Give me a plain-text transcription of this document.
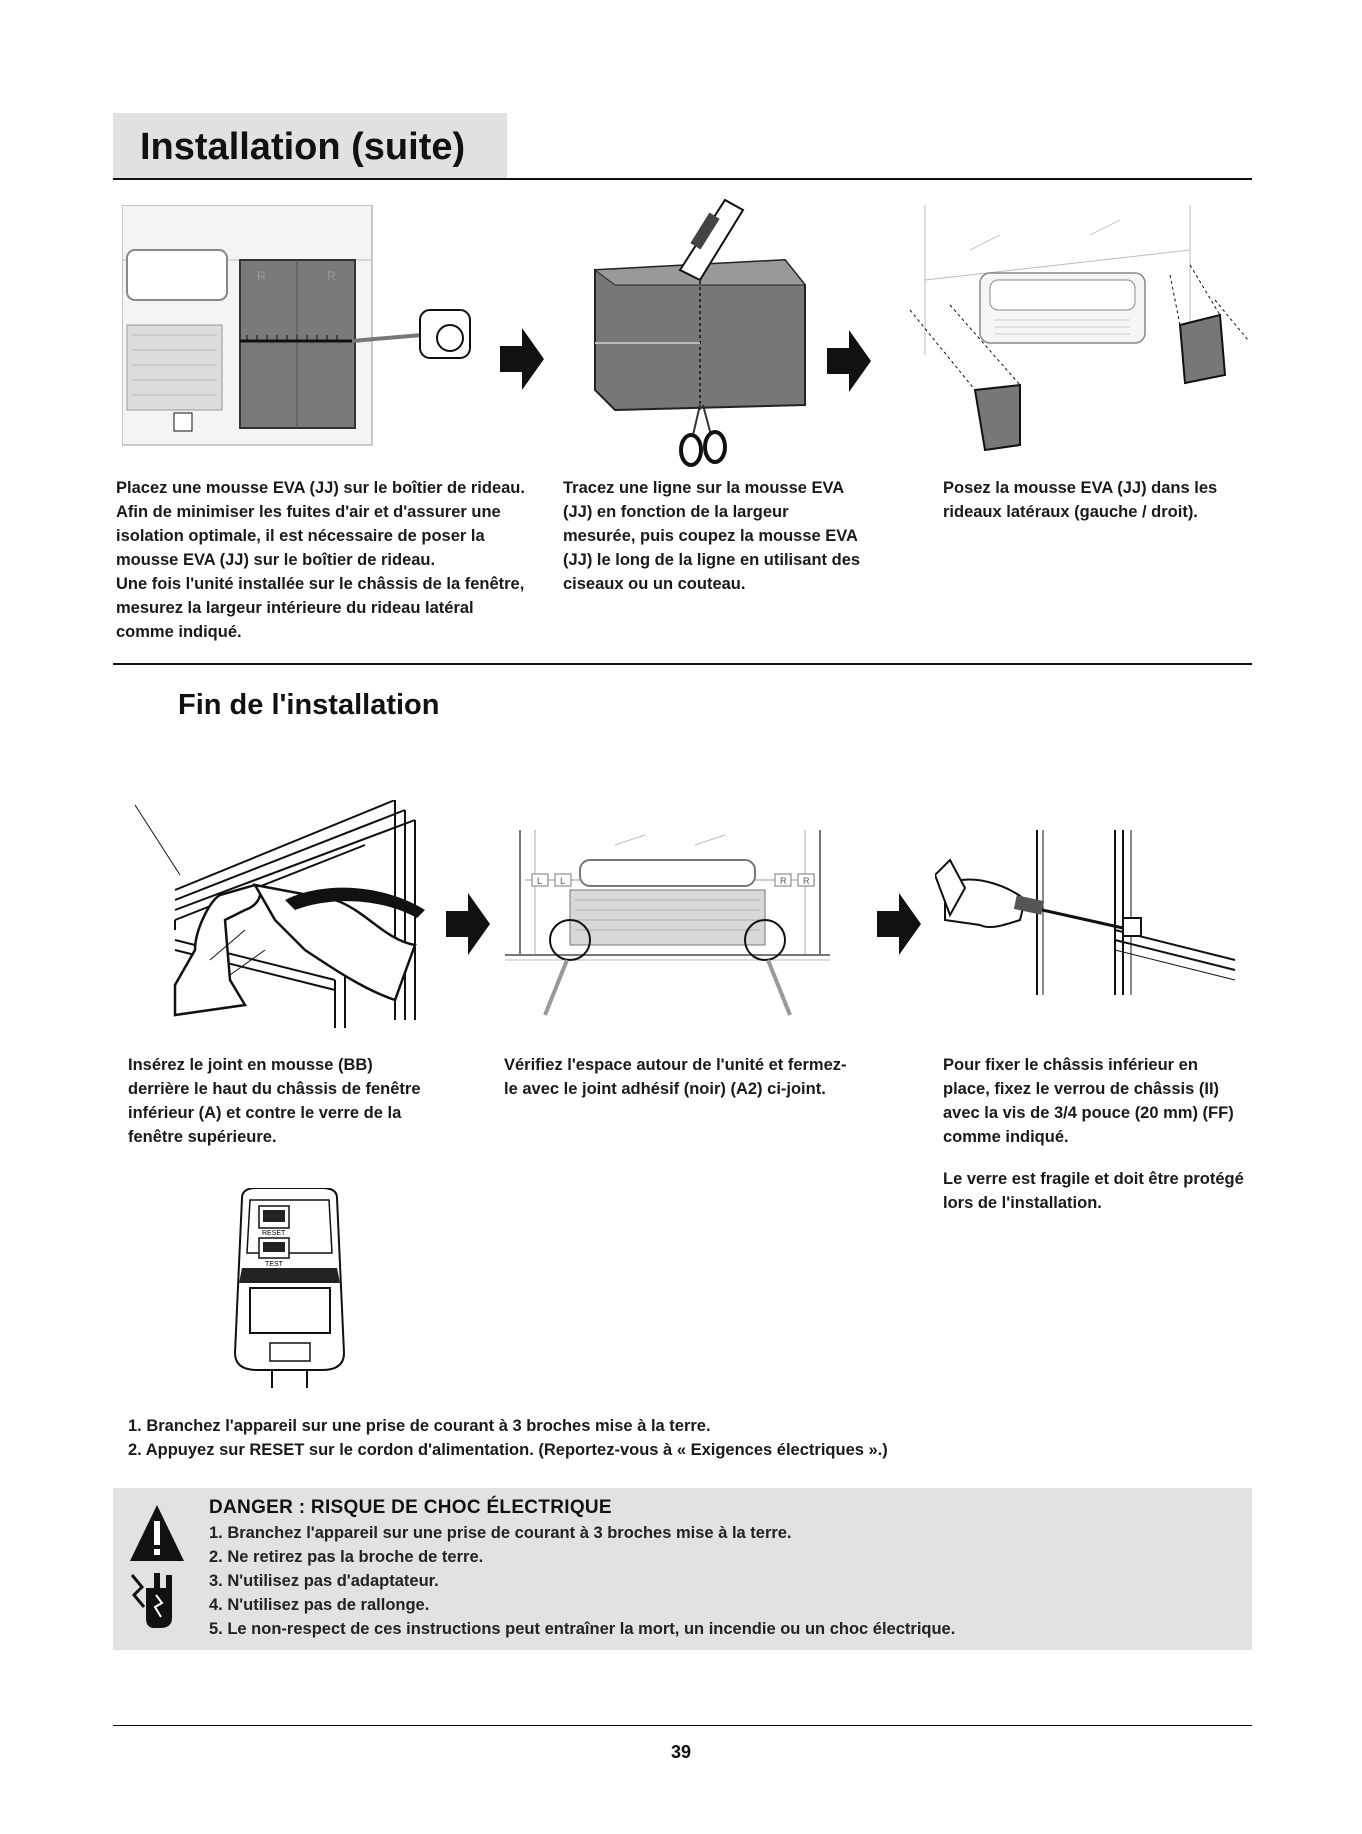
Installation (suite)
R	R

Placez une mousse EVA (JJ) sur le boîtier de rideau.

Afin de minimiser les fuites d'air et d'assurer une

isolation optimale, il est nécessaire de poser la

mousse EVA (JJ) sur le boîtier de rideau.

Une fois l'unité installée sur le châssis de la fenêtre,

mesurez la largeur intérieure du rideau latéral

comme indiqué.

Tracez une ligne sur la mousse EVA

(JJ) en fonction de la largeur

mesurée, puis coupez la mousse EVA

(JJ) le long de la ligne en utilisant des

ciseaux ou un couteau.

Posez la mousse EVA (JJ) dans les

rideaux latéraux (gauche / droit).

Fin de l'installation
L L	R R

Insérez le joint en mousse (BB)

derrière le haut du châssis de fenêtre

inférieur (A) et contre le verre de la

fenêtre supérieure.

Vérifiez l'espace autour de l'unité et fermez-

le avec le joint adhésif (noir) (A2) ci-joint.

Pour fixer le châssis inférieur en

place, fixez le verrou de châssis (II)

avec la vis de 3/4 pouce (20 mm) (FF)

comme indiqué.

Le verre est fragile et doit être protégé

lors de l'installation.

RESET
TEST

1. Branchez l'appareil sur une prise de courant à 3 broches mise à la terre.

2. Appuyez sur RESET sur le cordon d'alimentation. (Reportez-vous à « Exigences électriques ».)

DANGER : RISQUE DE CHOC ÉLECTRIQUE
1. Branchez l'appareil sur une prise de courant à 3 broches mise à la terre.
2. Ne retirez pas la broche de terre.
3. N'utilisez pas d'adaptateur.
4. N'utilisez pas de rallonge.
5. Le non-respect de ces instructions peut entraîner la mort, un incendie ou un choc électrique.
39
